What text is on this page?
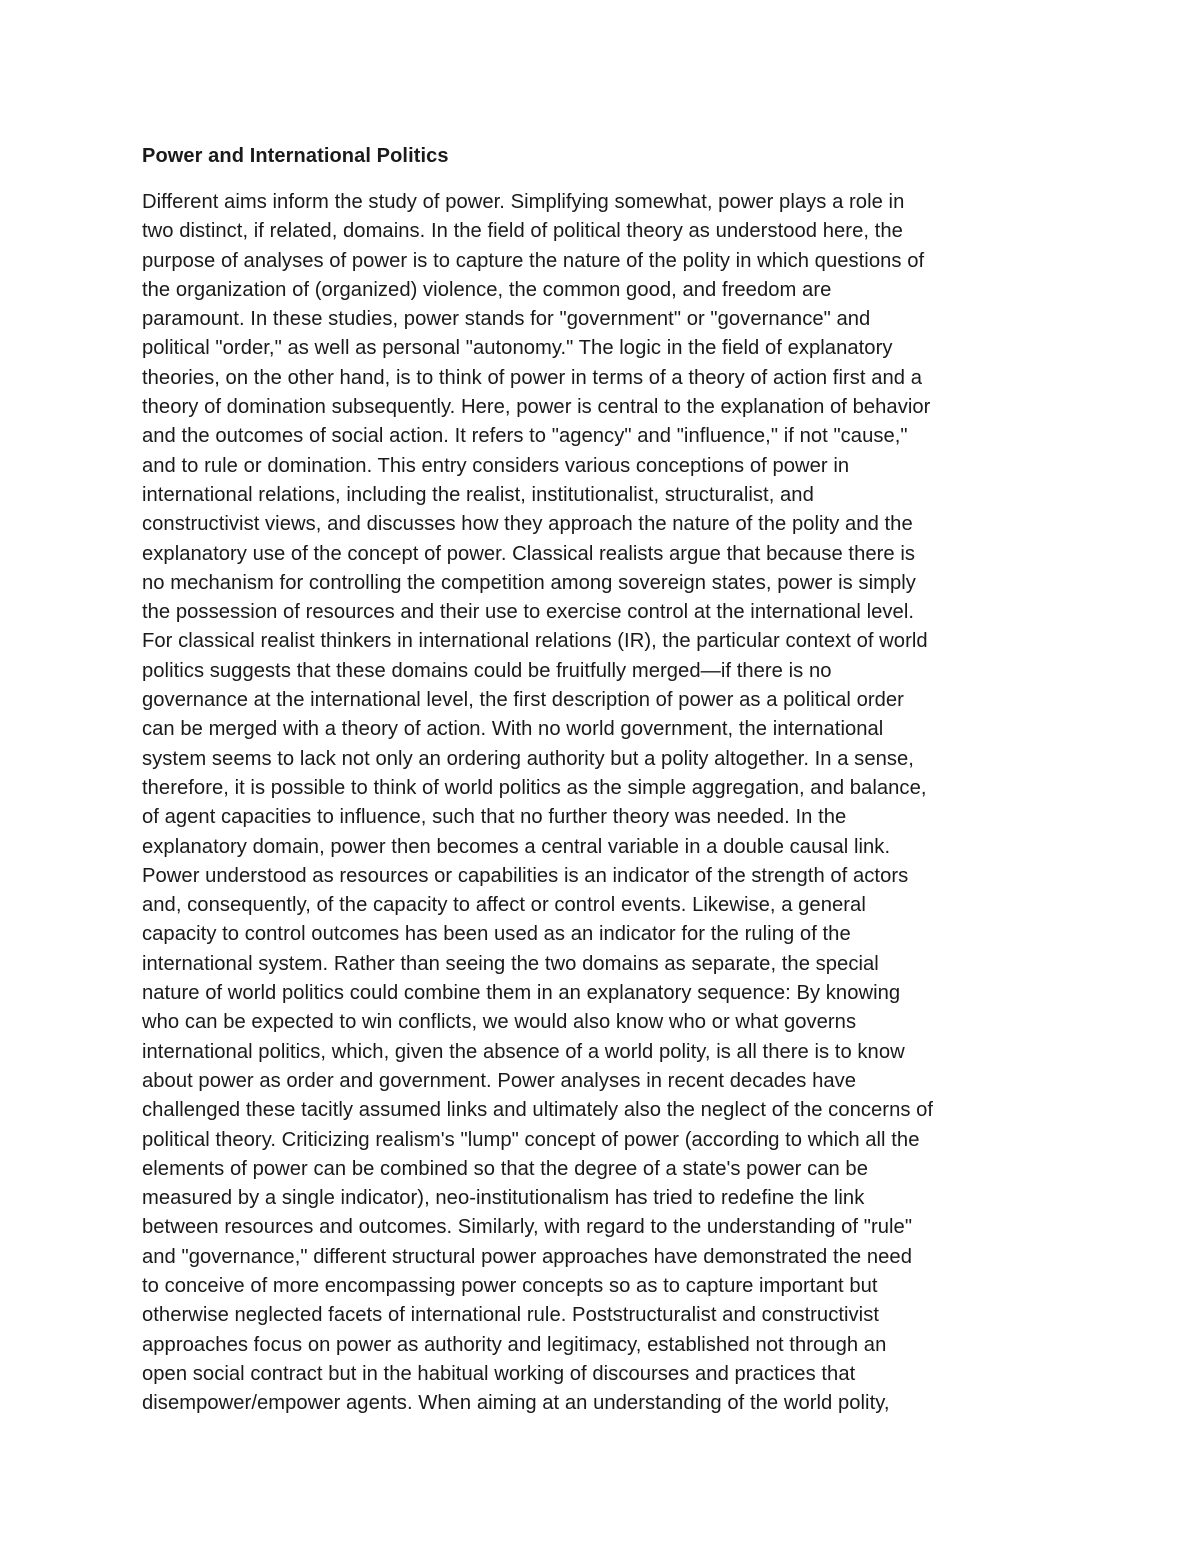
Power and International Politics
Different aims inform the study of power. Simplifying somewhat, power plays a role in
two distinct, if related, domains. In the field of political theory as understood here, the
purpose of analyses of power is to capture the nature of the polity in which questions of
the organization of (organized) violence, the common good, and freedom are
paramount. In these studies, power stands for "government" or "governance" and
political "order," as well as personal "autonomy." The logic in the field of explanatory
theories, on the other hand, is to think of power in terms of a theory of action first and a
theory of domination subsequently. Here, power is central to the explanation of behavior
and the outcomes of social action. It refers to "agency" and "influence," if not "cause,"
and to rule or domination. This entry considers various conceptions of power in
international relations, including the realist, institutionalist, structuralist, and
constructivist views, and discusses how they approach the nature of the polity and the
explanatory use of the concept of power. Classical realists argue that because there is
no mechanism for controlling the competition among sovereign states, power is simply
the possession of resources and their use to exercise control at the international level.
For classical realist thinkers in international relations (IR), the particular context of world
politics suggests that these domains could be fruitfully merged—if there is no
governance at the international level, the first description of power as a political order
can be merged with a theory of action. With no world government, the international
system seems to lack not only an ordering authority but a polity altogether. In a sense,
therefore, it is possible to think of world politics as the simple aggregation, and balance,
of agent capacities to influence, such that no further theory was needed. In the
explanatory domain, power then becomes a central variable in a double causal link.
Power understood as resources or capabilities is an indicator of the strength of actors
and, consequently, of the capacity to affect or control events. Likewise, a general
capacity to control outcomes has been used as an indicator for the ruling of the
international system. Rather than seeing the two domains as separate, the special
nature of world politics could combine them in an explanatory sequence: By knowing
who can be expected to win conflicts, we would also know who or what governs
international politics, which, given the absence of a world polity, is all there is to know
about power as order and government. Power analyses in recent decades have
challenged these tacitly assumed links and ultimately also the neglect of the concerns of
political theory. Criticizing realism's "lump" concept of power (according to which all the
elements of power can be combined so that the degree of a state's power can be
measured by a single indicator), neo-institutionalism has tried to redefine the link
between resources and outcomes. Similarly, with regard to the understanding of "rule"
and "governance," different structural power approaches have demonstrated the need
to conceive of more encompassing power concepts so as to capture important but
otherwise neglected facets of international rule. Poststructuralist and constructivist
approaches focus on power as authority and legitimacy, established not through an
open social contract but in the habitual working of discourses and practices that
disempower/empower agents. When aiming at an understanding of the world polity,
